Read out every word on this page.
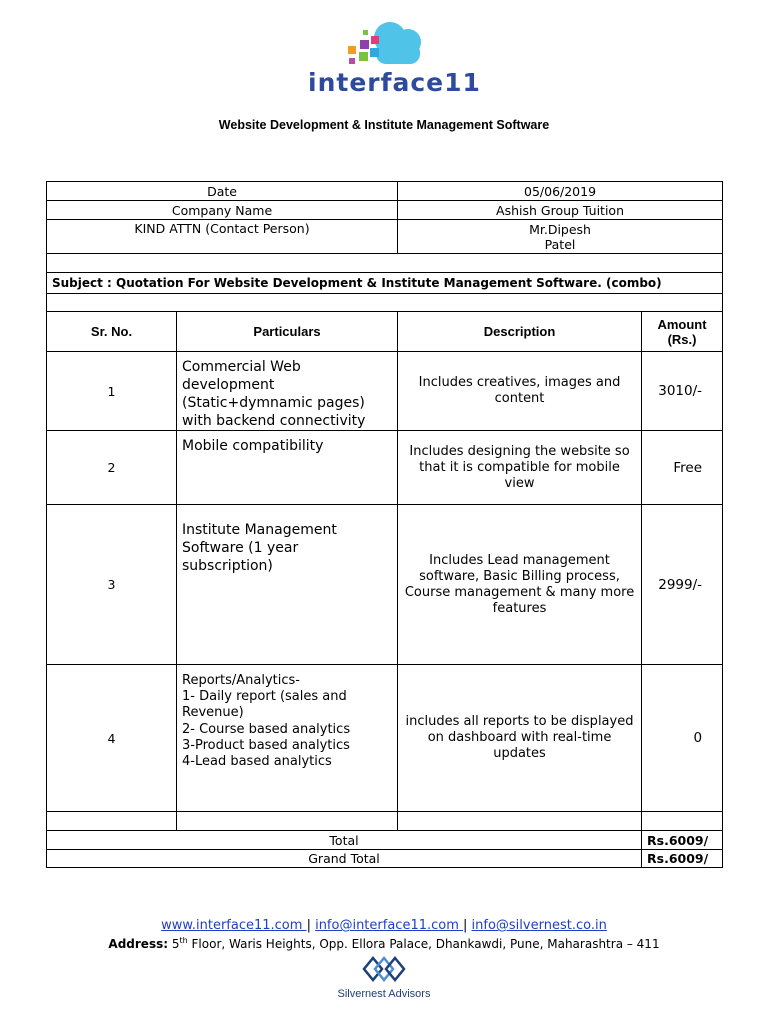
interface11
Website Development & Institute Management Software
Date		05/06/2019	
Company Name		Ashish Group Tuition	
KIND ATTN (Contact Person)		Mr.Dipesh
Patel	

Subject : Quotation For Website Development & Institute Management Software. (combo)			

Sr. No.	Particulars	Description	Amount
(Rs.)

1	Commercial Web development (Static+dymnamic pages) with backend connectivity	Includes creatives, images and content	3010/-
2	Mobile compatibility	Includes designing the website so that it is compatible for mobile view	Free
3	Institute Management Software (1 year subscription)	Includes Lead management software, Basic Billing process, Course management & many more features	2999/-
4	Reports/Analytics-
1- Daily report (sales and Revenue)
2- Course based analytics
3-Product based analytics
4-Lead based analytics	includes all reports to be displayed on dashboard with real-time updates	0

Total			Rs.6009/
Grand Total			Rs.6009/
www.interface11.com | info@interface11.com | info@silvernest.co.in
Address: 5th Floor, Waris Heights, Opp. Ellora Palace, Dhankawdi, Pune, Maharashtra – 411
Silvernest Advisors
